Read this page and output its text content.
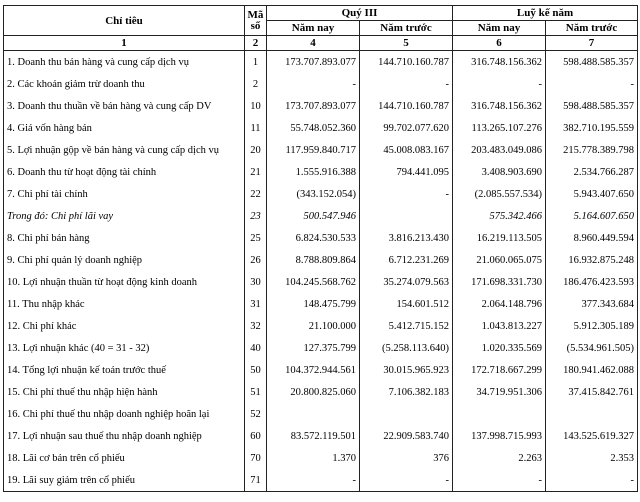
Chỉ tiêu	Mã
số	Quý III		Luỹ kế năm	
		Năm nay	Năm trước	Năm nay	Năm trước
1	2	4	5	6	7
1. Doanh thu bán hàng và cung cấp dịch vụ	1	173.707.893.077	144.710.160.787	316.748.156.362	598.488.585.357
2. Các khoản giảm trừ doanh thu	2	-	-	-	-
3. Doanh thu thuần về bán hàng và cung cấp DV	10	173.707.893.077	144.710.160.787	316.748.156.362	598.488.585.357
4. Giá vốn hàng bán	11	55.748.052.360	99.702.077.620	113.265.107.276	382.710.195.559
5. Lợi nhuận gộp về bán hàng và cung cấp dịch vụ	20	117.959.840.717	45.008.083.167	203.483.049.086	215.778.389.798
6. Doanh thu từ hoạt động tài chính	21	1.555.916.388	794.441.095	3.408.903.690	2.534.766.287
7. Chi phí tài chính	22	(343.152.054)	-	(2.085.557.534)	5.943.407.650
Trong đó: Chi phí lãi vay	23	500.547.946		575.342.466	5.164.607.650
8. Chi phí bán hàng	25	6.824.530.533	3.816.213.430	16.219.113.505	8.960.449.594
9. Chi phí quản lý doanh nghiệp	26	8.788.809.864	6.712.231.269	21.060.065.075	16.932.875.248
10. Lợi nhuận thuần từ hoạt động kinh doanh	30	104.245.568.762	35.274.079.563	171.698.331.730	186.476.423.593
11. Thu nhập khác	31	148.475.799	154.601.512	2.064.148.796	377.343.684
12. Chi phí khác	32	21.100.000	5.412.715.152	1.043.813.227	5.912.305.189
13. Lợi nhuận khác (40 = 31 - 32)	40	127.375.799	(5.258.113.640)	1.020.335.569	(5.534.961.505)
14. Tổng lợi nhuận kế toán trước thuế	50	104.372.944.561	30.015.965.923	172.718.667.299	180.941.462.088
15. Chi phí thuế thu nhập hiện hành	51	20.800.825.060	7.106.382.183	34.719.951.306	37.415.842.761
16. Chi phí thuế thu nhập doanh nghiệp hoãn lại	52				
17. Lợi nhuận sau thuế thu nhập doanh nghiệp	60	83.572.119.501	22.909.583.740	137.998.715.993	143.525.619.327
18. Lãi cơ bản trên cổ phiếu	70	1.370	376	2.263	2.353
19. Lãi suy giảm trên cổ phiếu	71	-	-	-	-
